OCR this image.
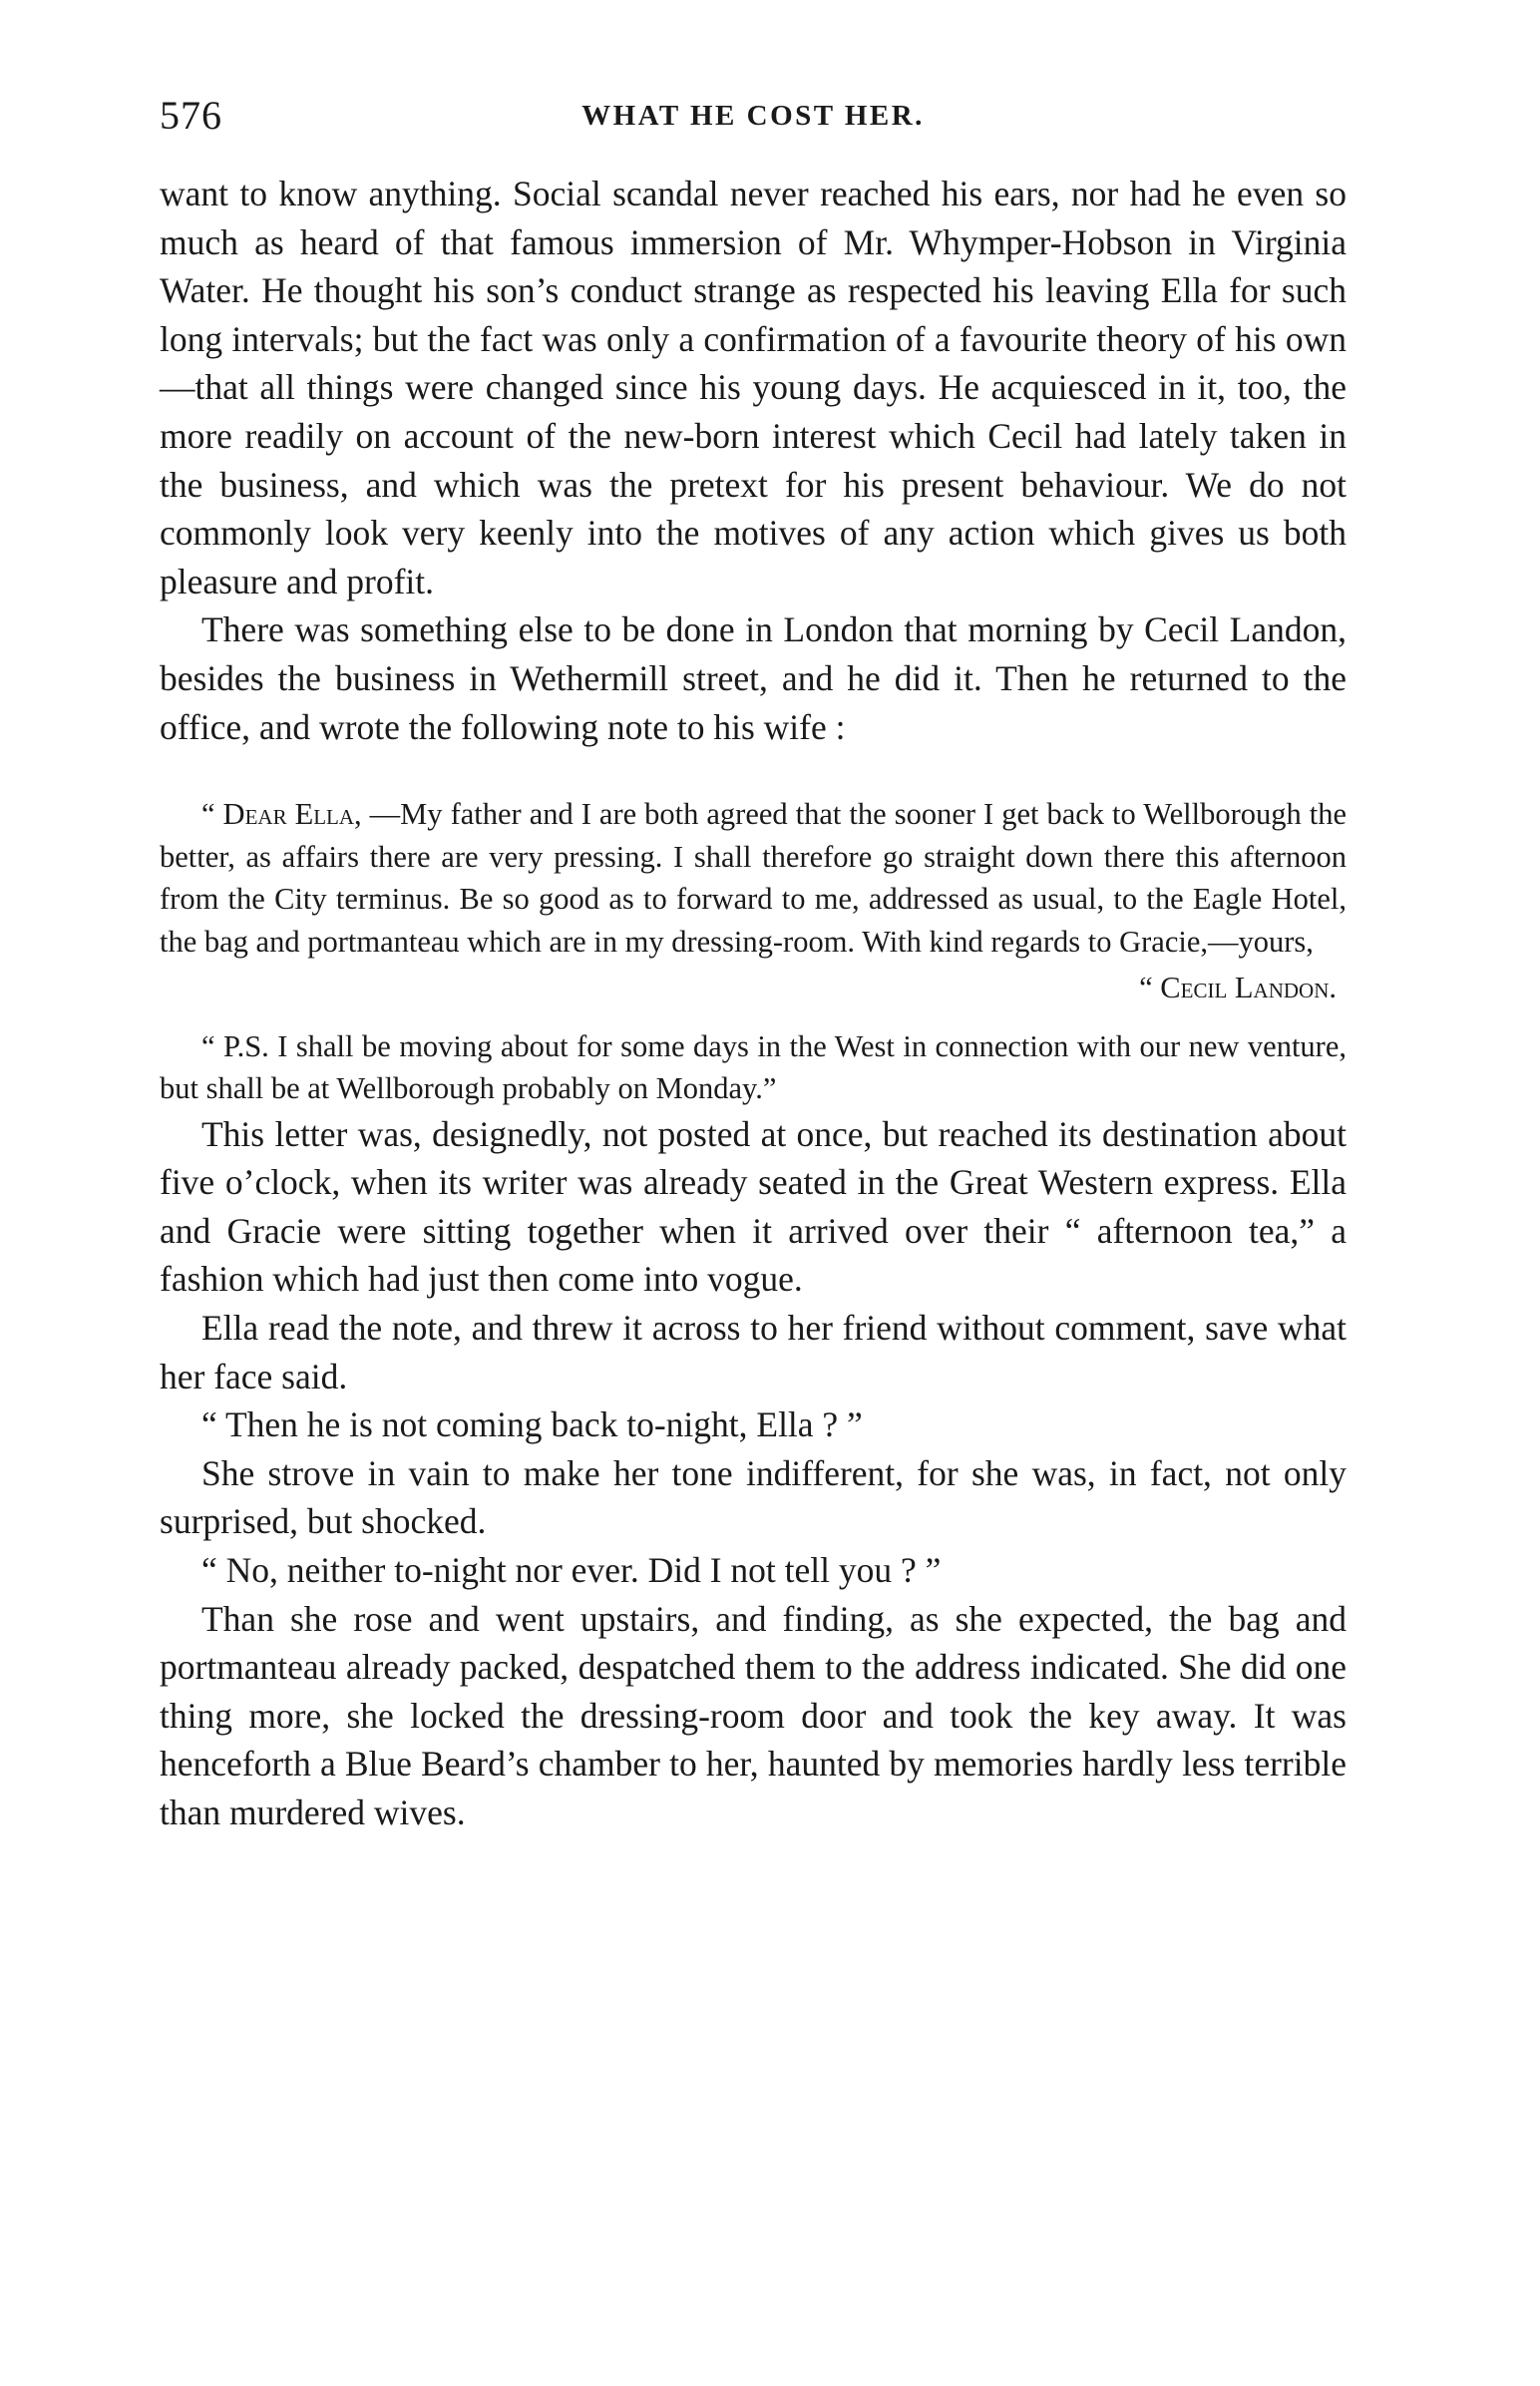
576	WHAT HE COST HER.

want to know anything. Social scandal never reached his ears, nor had he even so much as heard of that famous immersion of Mr. Whymper-Hobson in Virginia Water. He thought his son’s conduct strange as respected his leaving Ella for such long intervals; but the fact was only a confirmation of a favourite theory of his own—that all things were changed since his young days. He acquiesced in it, too, the more readily on account of the new-born interest which Cecil had lately taken in the business, and which was the pretext for his present behaviour. We do not commonly look very keenly into the motives of any action which gives us both pleasure and profit.

There was something else to be done in London that morning by Cecil Landon, besides the business in Wethermill street, and he did it. Then he returned to the office, and wrote the following note to his wife :

“ Dear Ella, —My father and I are both agreed that the sooner I get back to Wellborough the better, as affairs there are very pressing. I shall therefore go straight down there this afternoon from the City terminus. Be so good as to forward to me, addressed as usual, to the Eagle Hotel, the bag and portmanteau which are in my dressing-room. With kind regards to Gracie,—yours,

“ Cecil Landon.

“ P.S. I shall be moving about for some days in the West in connection with our new venture, but shall be at Wellborough probably on Monday.”

This letter was, designedly, not posted at once, but reached its destination about five o’clock, when its writer was already seated in the Great Western express. Ella and Gracie were sitting together when it arrived over their “ afternoon tea,” a fashion which had just then come into vogue.

Ella read the note, and threw it across to her friend without comment, save what her face said.

“ Then he is not coming back to-night, Ella ? ”

She strove in vain to make her tone indifferent, for she was, in fact, not only surprised, but shocked.

“ No, neither to-night nor ever. Did I not tell you ? ”

Than she rose and went upstairs, and finding, as she expected, the bag and portmanteau already packed, despatched them to the address indicated. She did one thing more, she locked the dressing-room door and took the key away. It was henceforth a Blue Beard’s chamber to her, haunted by memories hardly less terrible than murdered wives.
